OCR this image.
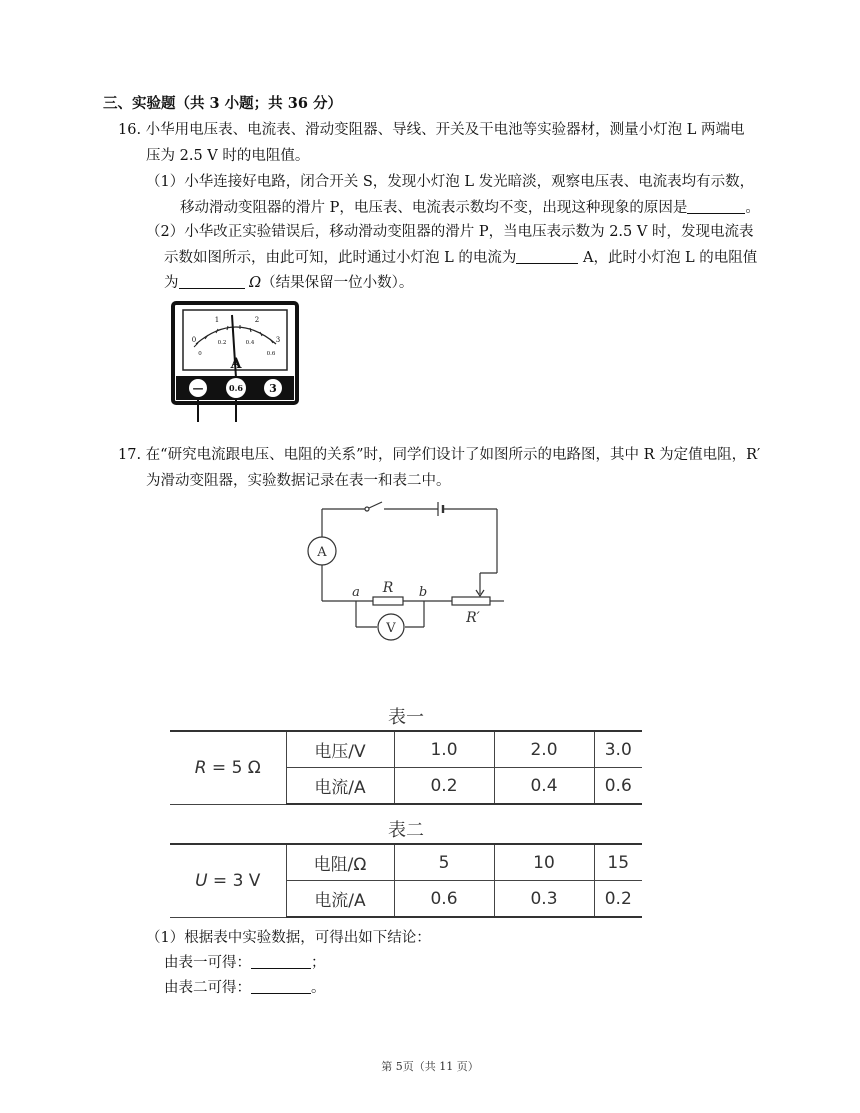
三、实验题（共 3 小题；共 36 分）
16. 小华用电压表、电流表、滑动变阻器、导线、开关及干电池等实验器材，测量小灯泡 L 两端电
压为 2.5 V 时的电阻值。
（1）小华连接好电路，闭合开关 S，发现小灯泡 L 发光暗淡，观察电压表、电流表均有示数，
移动滑动变阻器的滑片 P，电压表、电流表示数均不变，出现这种现象的原因是	。
（2）小华改正实验错误后，移动滑动变阻器的滑片 P，当电压表示数为 2.5 V 时，发现电流表
示数如图所示，由此可知，此时通过小灯泡 L 的电流为	A，此时小灯泡 L 的电阻值
为	Ω（结果保留一位小数）。
0
1	2
3
0
0.2	0.4
0.6
A
—	0.6 3
17. 在“研究电流跟电压、电阻的关系”时，同学们设计了如图所示的电路图，其中 R 为定值电阻，R′
为滑动变阻器，实验数据记录在表一和表二中。
A
V
R
R′
a	b
表一
R = 5 Ω	电压/V	1.0	2.0	3.0
	电流/A	0.2	0.4	0.6
表二
U = 3 V	电阻/Ω	5	10	15
	电流/A	0.6	0.3	0.2
（1）根据表中实验数据，可得出如下结论：
由表一可得：	；
由表二可得：	。
第 5页（共 11 页）
